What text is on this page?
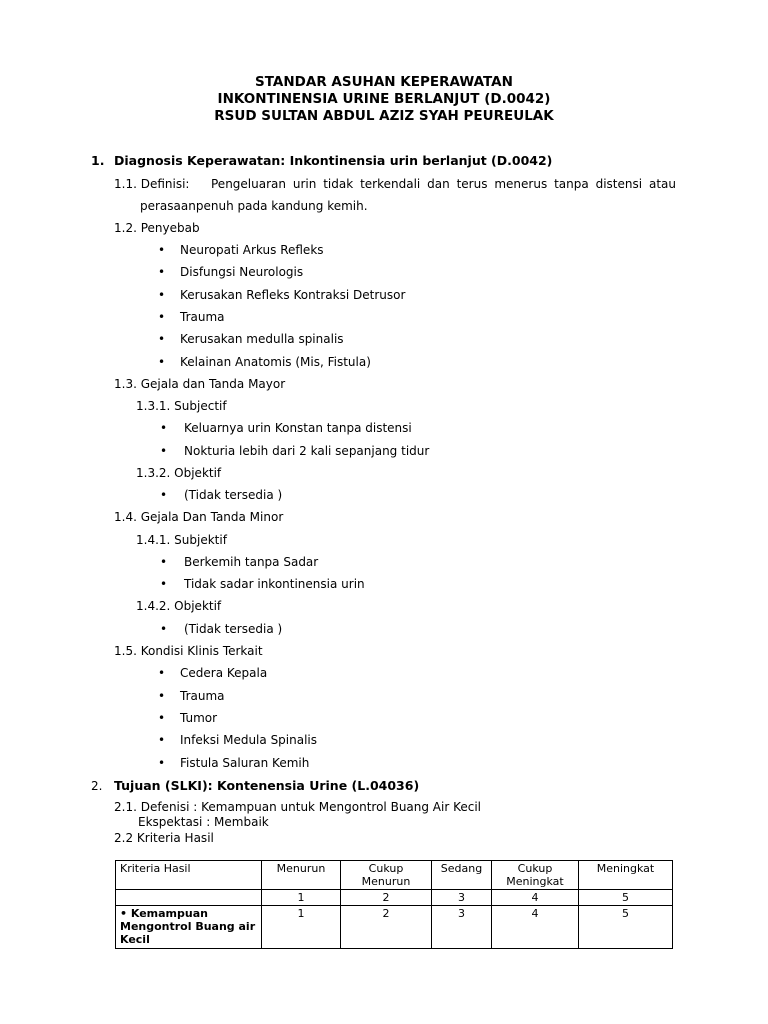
STANDAR ASUHAN KEPERAWATAN
INKONTINENSIA URINE BERLANJUT (D.0042)
RSUD SULTAN ABDUL AZIZ SYAH PEUREULAK
1. Diagnosis Keperawatan: Inkontinensia urin berlanjut (D.0042)
1.1. Definisi: Pengeluaran urin tidak terkendali dan terus menerus tanpa distensi atau
perasaanpenuh pada kandung kemih.
1.2. Penyebab
• Neuropati Arkus Refleks
• Disfungsi Neurologis
• Kerusakan Refleks Kontraksi Detrusor
• Trauma
• Kerusakan medulla spinalis
• Kelainan Anatomis (Mis, Fistula)
1.3. Gejala dan Tanda Mayor
1.3.1. Subjectif
• Keluarnya urin Konstan tanpa distensi
• Nokturia lebih dari 2 kali sepanjang tidur
1.3.2. Objektif
• (Tidak tersedia )
1.4. Gejala Dan Tanda Minor
1.4.1. Subjektif
• Berkemih tanpa Sadar
• Tidak sadar inkontinensia urin
1.4.2. Objektif
• (Tidak tersedia )
1.5. Kondisi Klinis Terkait
• Cedera Kepala
• Trauma
• Tumor
• Infeksi Medula Spinalis
• Fistula Saluran Kemih
2. Tujuan (SLKI): Kontenensia Urine (L.04036)
2.1. Defenisi : Kemampuan untuk Mengontrol Buang Air Kecil
Ekspektasi : Membaik
2.2 Kriteria Hasil
Kriteria Hasil	Menurun	Cukup Menurun	Sedang	Cukup Meningkat	Meningkat
	1	2	3	4	5
• Kemampuan Mengontrol Buang air Kecil	1	2	3	4	5
